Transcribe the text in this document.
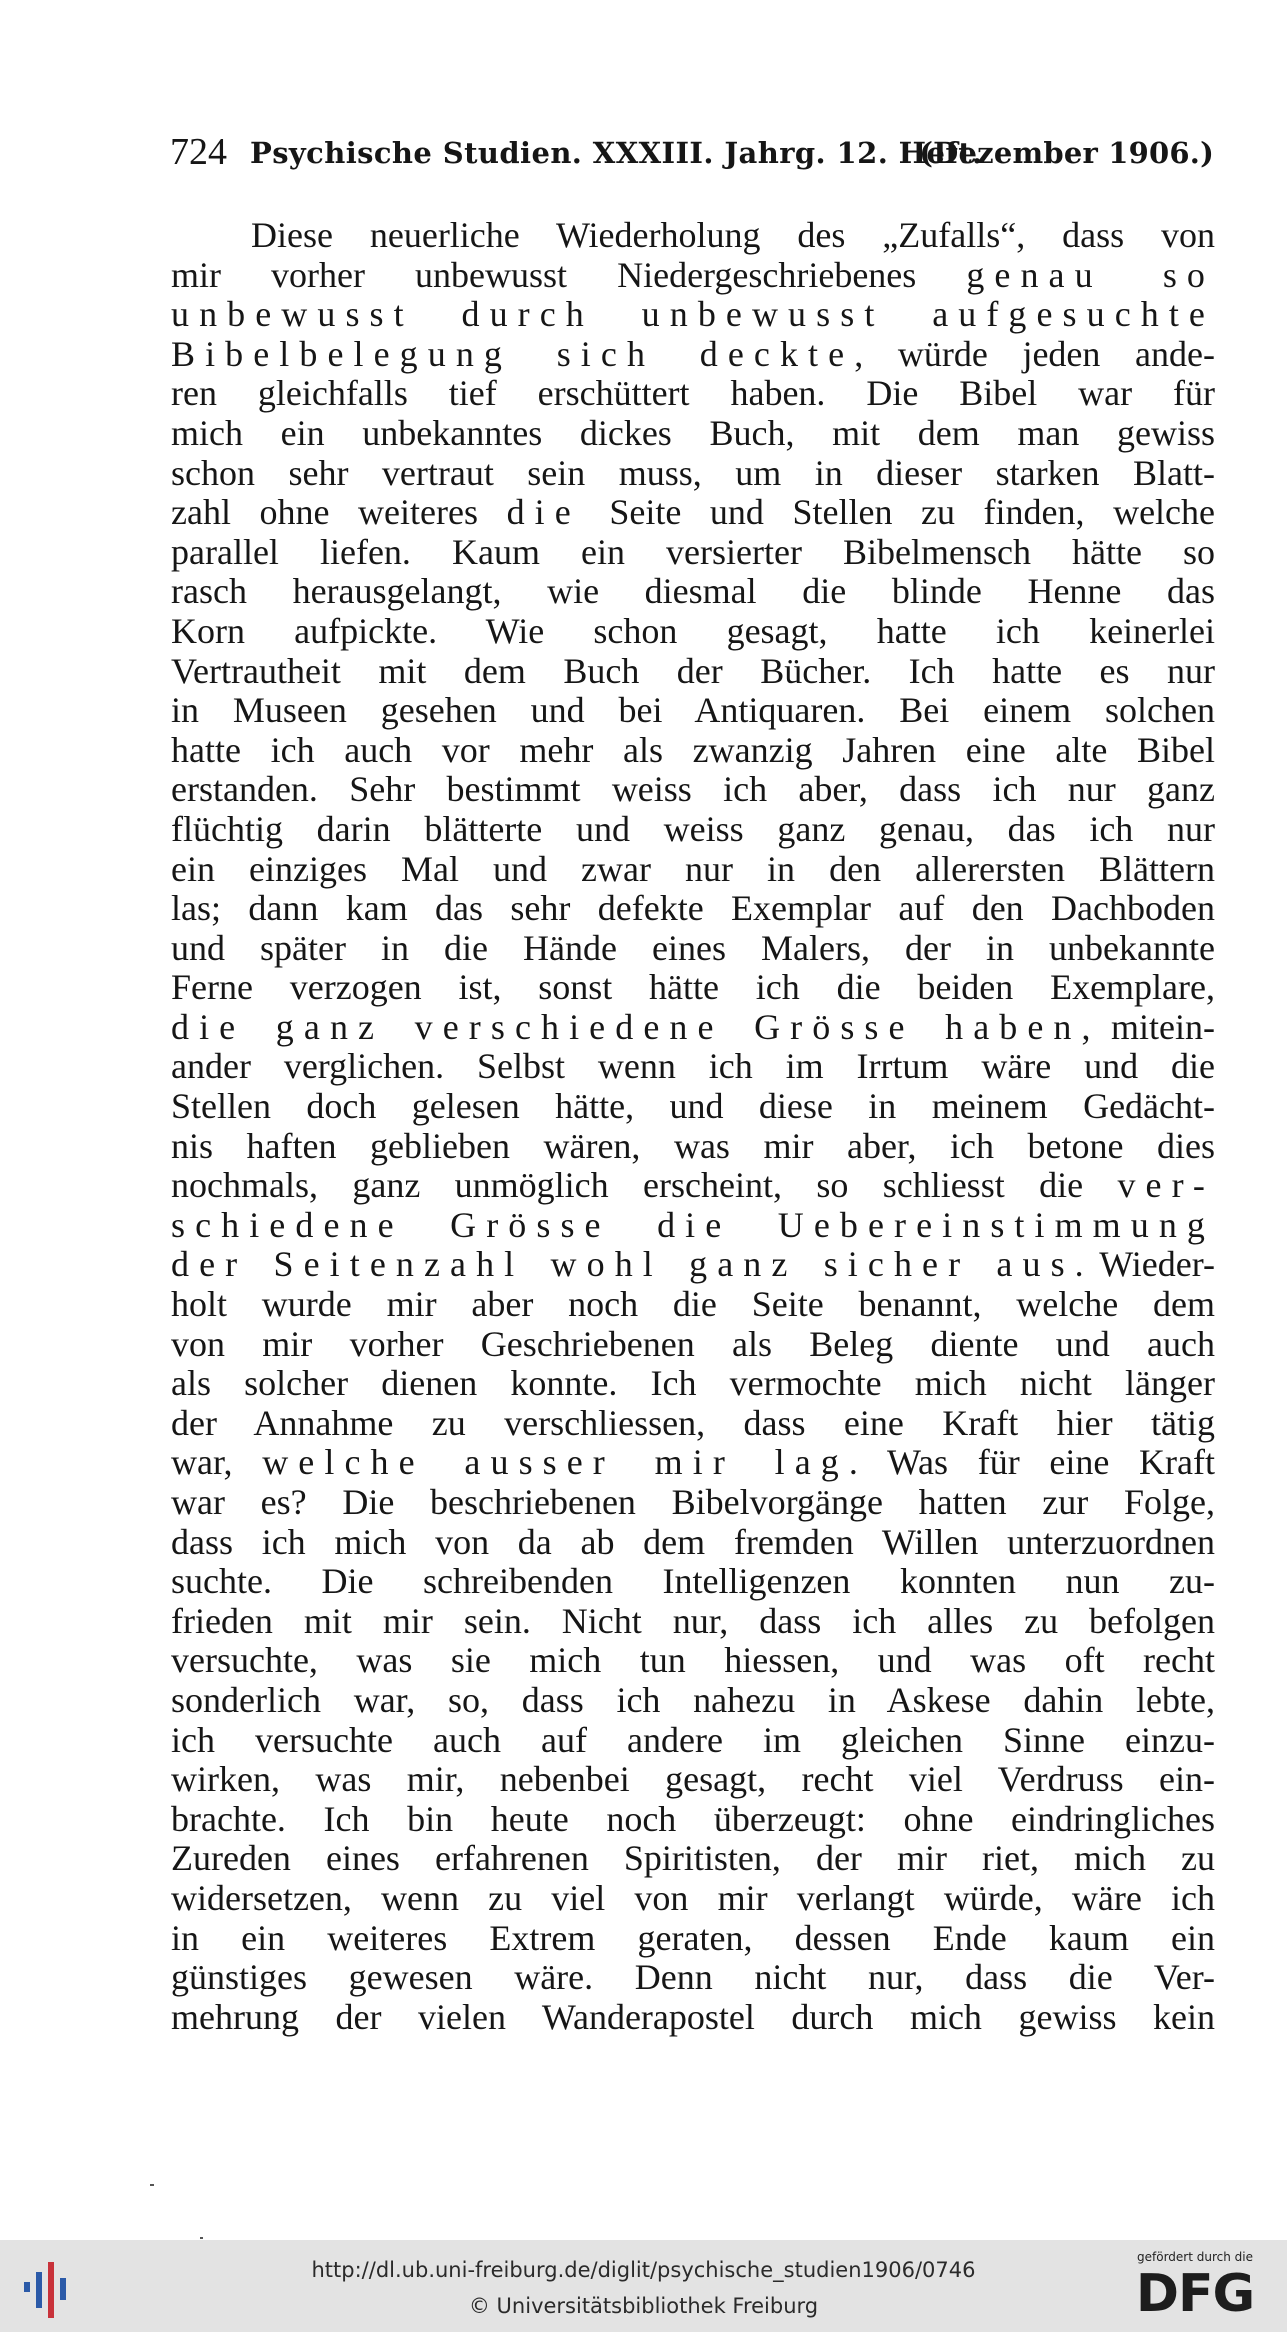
724 Psychische Studien. XXXIII. Jahrg. 12. Heft.
(Dezember 1906.)
Diese neuerliche Wiederholung des „Zufalls“, dass von
mir vorher unbewusst Niedergeschriebenes genau so
unbewusst durch unbewusst aufgesuchte
Bibelbelegung sich deckte, würde jeden ande-
ren gleichfalls tief erschüttert haben. Die Bibel war für
mich ein unbekanntes dickes Buch, mit dem man gewiss
schon sehr vertraut sein muss, um in dieser starken Blatt-
zahl ohne weiteres die Seite und Stellen zu finden, welche
parallel liefen. Kaum ein versierter Bibelmensch hätte so
rasch herausgelangt, wie diesmal die blinde Henne das
Korn aufpickte. Wie schon gesagt, hatte ich keinerlei
Vertrautheit mit dem Buch der Bücher. Ich hatte es nur
in Museen gesehen und bei Antiquaren. Bei einem solchen
hatte ich auch vor mehr als zwanzig Jahren eine alte Bibel
erstanden. Sehr bestimmt weiss ich aber, dass ich nur ganz
flüchtig darin blätterte und weiss ganz genau, das ich nur
ein einziges Mal und zwar nur in den allerersten Blättern
las; dann kam das sehr defekte Exemplar auf den Dachboden
und später in die Hände eines Malers, der in unbekannte
Ferne verzogen ist, sonst hätte ich die beiden Exemplare,
die ganz verschiedene Grösse haben, mitein-
ander verglichen. Selbst wenn ich im Irrtum wäre und die
Stellen doch gelesen hätte, und diese in meinem Gedächt-
nis haften geblieben wären, was mir aber, ich betone dies
nochmals, ganz unmöglich erscheint, so schliesst die ver-
schiedene Grösse die Uebereinstimmung
der Seitenzahl wohl ganz sicher aus. Wieder-
holt wurde mir aber noch die Seite benannt, welche dem
von mir vorher Geschriebenen als Beleg diente und auch
als solcher dienen konnte. Ich vermochte mich nicht länger
der Annahme zu verschliessen, dass eine Kraft hier tätig
war, welche ausser mir lag. Was für eine Kraft
war es? Die beschriebenen Bibelvorgänge hatten zur Folge,
dass ich mich von da ab dem fremden Willen unterzuordnen
suchte. Die schreibenden Intelligenzen konnten nun zu-
frieden mit mir sein. Nicht nur, dass ich alles zu befolgen
versuchte, was sie mich tun hiessen, und was oft recht
sonderlich war, so, dass ich nahezu in Askese dahin lebte,
ich versuchte auch auf andere im gleichen Sinne einzu-
wirken, was mir, nebenbei gesagt, recht viel Verdruss ein-
brachte. Ich bin heute noch überzeugt: ohne eindringliches
Zureden eines erfahrenen Spiritisten, der mir riet, mich zu
widersetzen, wenn zu viel von mir verlangt würde, wäre ich
in ein weiteres Extrem geraten, dessen Ende kaum ein
günstiges gewesen wäre. Denn nicht nur, dass die Ver-
mehrung der vielen Wanderapostel durch mich gewiss kein
http://dl.ub.uni-freiburg.de/diglit/psychische_studien1906/0746
© Universitätsbibliothek Freiburg
gefördert durch die
DFG
